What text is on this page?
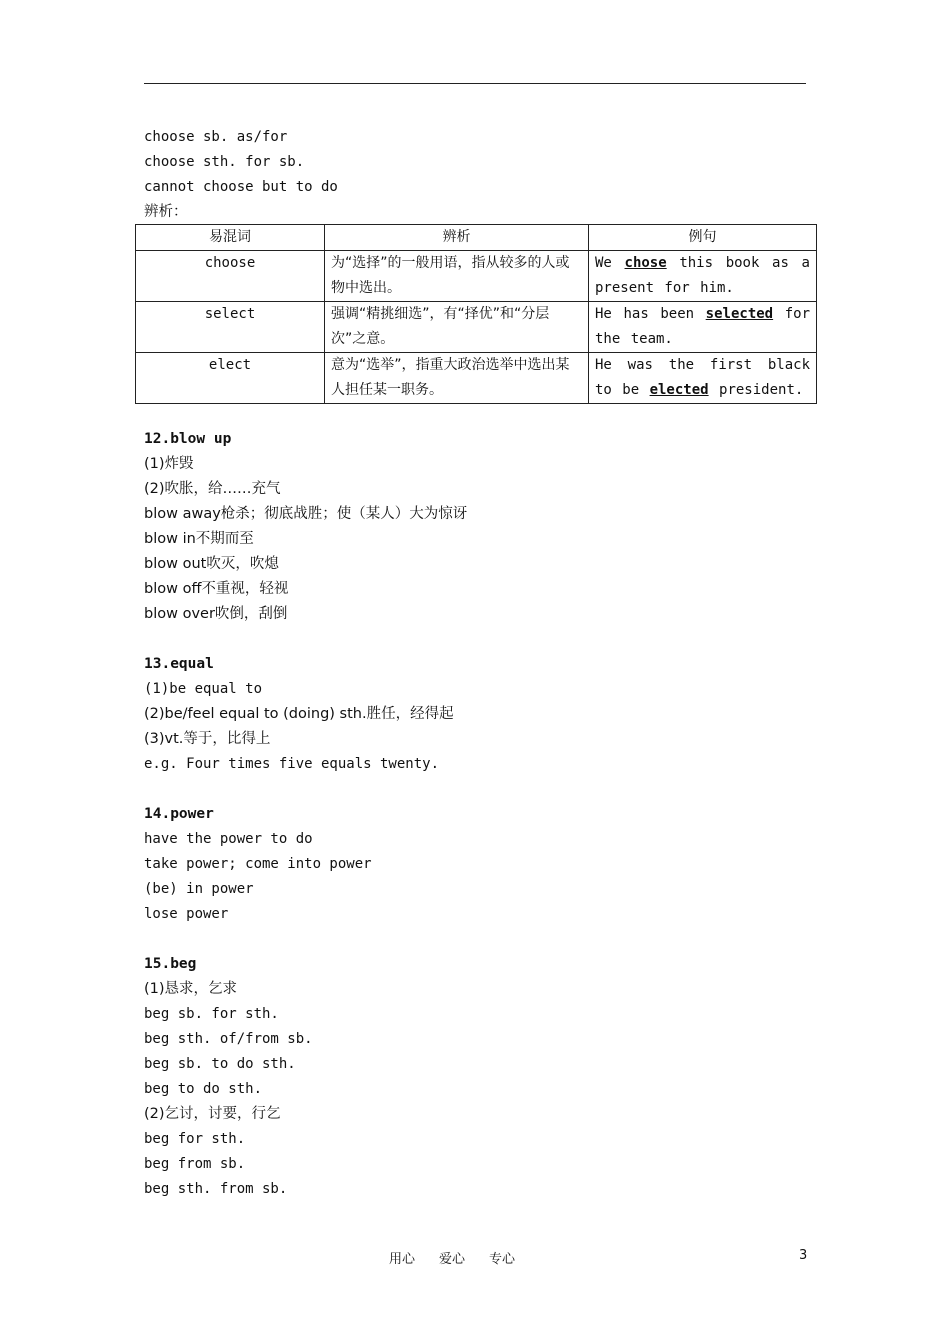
choose sb. as/for
choose sth. for sb.
cannot choose but to do
辨析：
易混词	辨析	例句
choose	为“选择”的一般用语，指从较多的人或物中选出。	We chose this book as a present for him.
select	强调“精挑细选”，有“择优”和“分层次”之意。	He has been selected for the team.
elect	意为“选举”，指重大政治选举中选出某人担任某一职务。	He was the first black to be elected president.
12.blow up
(1)炸毁
(2)吹胀，给……充气
blow away枪杀；彻底战胜；使（某人）大为惊讶
blow in不期而至
blow out吹灭，吹熄
blow off不重视，轻视
blow over吹倒，刮倒
13.equal
(1)be equal to
(2)be/feel equal to (doing) sth.胜任，经得起
(3)vt.等于，比得上
e.g. Four times five equals twenty.
14.power
have the power to do
take power; come into power
(be) in power
lose power
15.beg
(1)恳求，乞求
beg sb. for sth.
beg sth. of/from sb.
beg sb. to do sth.
beg to do sth.
(2)乞讨，讨要，行乞
beg for sth.
beg from sb.
beg sth. from sb.
用心 爱心 专心	3
